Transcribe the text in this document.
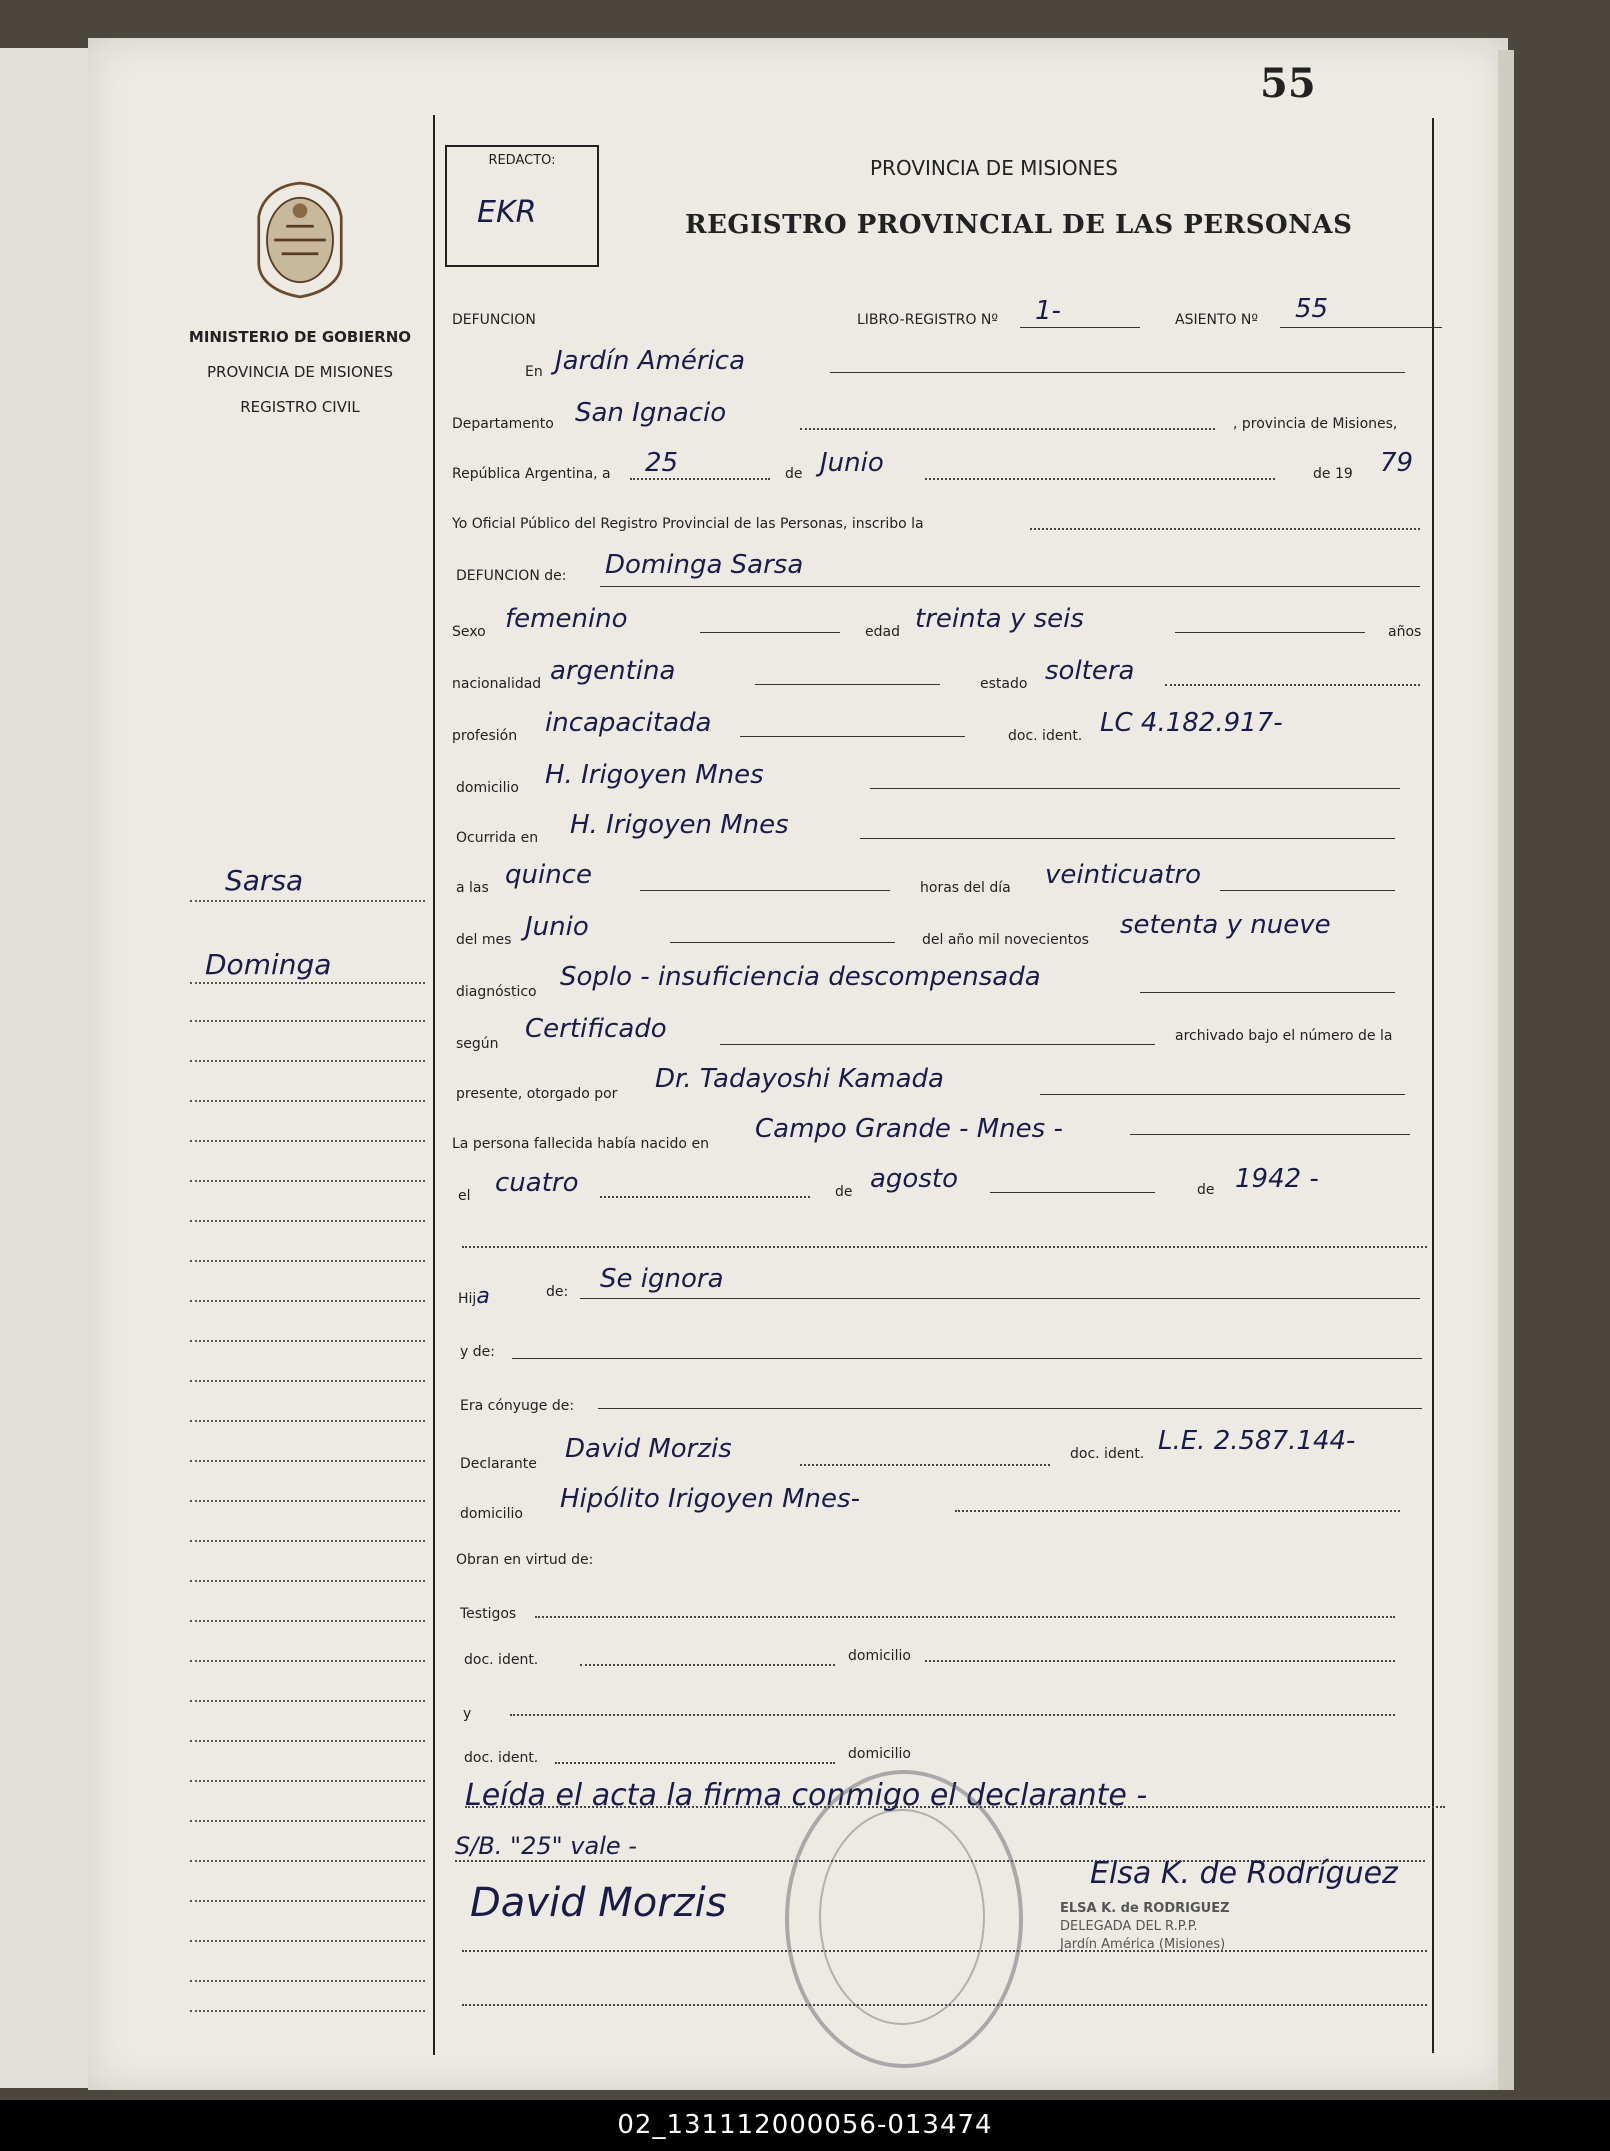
55
MINISTERIO DE GOBIERNO
PROVINCIA DE MISIONES
REGISTRO CIVIL
REDACTO:
EKR
PROVINCIA DE MISIONES
REGISTRO PROVINCIAL DE LAS PERSONAS
DEFUNCION	LIBRO-REGISTRO Nº 1-	ASIENTO Nº 55
En Jardín América
Departamento San Ignacio	, provincia de Misiones,
República Argentina, a 25	de Junio	de 19 79
Yo Oficial Público del Registro Provincial de las Personas, inscribo la
DEFUNCION de: Dominga Sarsa
Sexo femenino	edad treinta y seis	años
nacionalidad argentina	estado soltera
profesión incapacitada	doc. ident. LC 4.182.917-
domicilio H. Irigoyen Mnes
Ocurrida en H. Irigoyen Mnes
a las quince	horas del día veinticuatro
del mes Junio	del año mil novecientos setenta y nueve
diagnóstico Soplo - insuficiencia descompensada
según Certificado	archivado bajo el número de la
presente, otorgado por Dr. Tadayoshi Kamada
La persona fallecida había nacido en Campo Grande - Mnes -
el cuatro	de agosto	de 1942 -
Hija	de: Se ignora
y de:
Era cónyuge de:
Declarante David Morzis	doc. ident. L.E. 2.587.144-
domicilio Hipólito Irigoyen Mnes-
Obran en virtud de:
Testigos
doc. ident.	domicilio
y
doc. ident.	domicilio
Leída el acta la firma conmigo el declarante -
S/B. "25" vale -
David Morzis
Elsa K. de Rodríguez
ELSA K. de RODRIGUEZ
DELEGADA DEL R.P.P.
Jardín América (Misiones)
Sarsa
Dominga
02_131112000056-013474
